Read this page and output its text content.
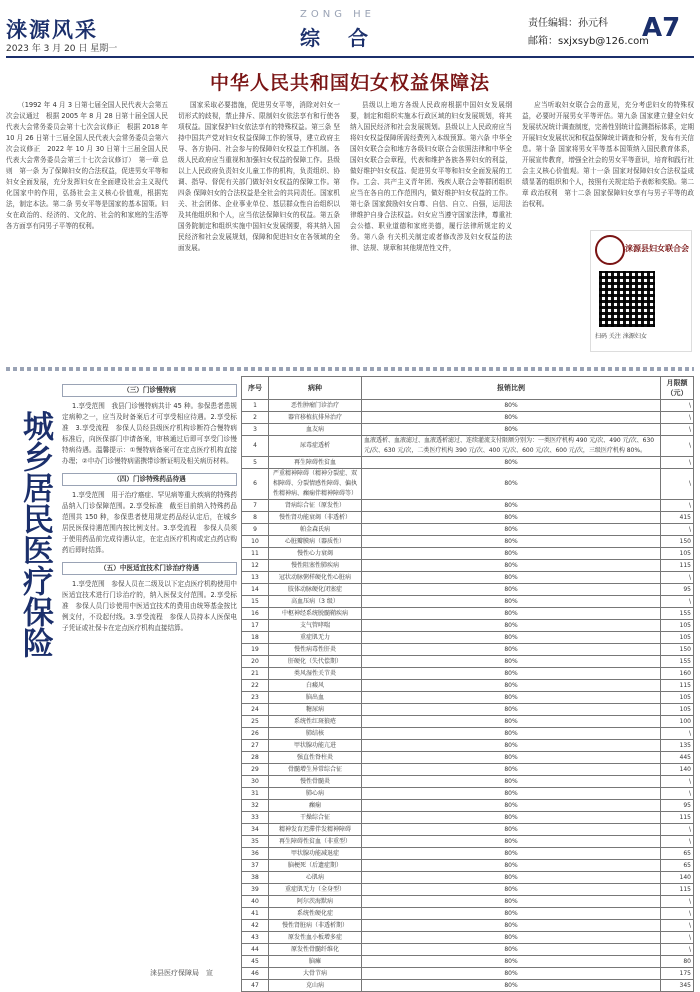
涞源风采
2023 年 3 月 20 日 星期一
ZONG HE
综合
责任编辑：孙元科
邮箱：sxjxsyb@126.com
A7
中华人民共和国妇女权益保障法

（1992 年 4 月 3 日第七届全国人民代表大会第五次会议通过　根据 2005 年 8 月 28 日第十届全国人民代表大会常务委员会第十七次会议修正　根据 2018 年 10 月 26 日第十三届全国人民代表大会常务委员会第六次会议修正　2022 年 10 月 30 日第十三届全国人民代表大会常务委员会第三十七次会议修订）　第一章 总则　第一条 为了保障妇女的合法权益，促进男女平等和妇女全面发展，充分发挥妇女在全面建设社会主义现代化国家中的作用，弘扬社会主义核心价值观，根据宪法，制定本法。第二条 男女平等是国家的基本国策。妇女在政治的、经济的、文化的、社会的和家庭的生活等各方面享有同男子平等的权利。

国家采取必要措施，促进男女平等，消除对妇女一切形式的歧视，禁止排斥、限制妇女依法享有和行使各项权益。国家保护妇女依法享有的特殊权益。第三条 坚持中国共产党对妇女权益保障工作的领导，建立政府主导、各方协同、社会参与的保障妇女权益工作机制。各级人民政府应当重视和加强妇女权益的保障工作。县级以上人民政府负责妇女儿童工作的机构，负责组织、协调、指导、督促有关部门做好妇女权益的保障工作。第四条 保障妇女的合法权益是全社会的共同责任。国家机关、社会团体、企业事业单位、基层群众性自治组织以及其他组织和个人，应当依法保障妇女的权益。第五条 国务院制定和组织实施中国妇女发展纲要，将其纳入国民经济和社会发展规划，保障和促进妇女在各领域的全面发展。

县级以上地方各级人民政府根据中国妇女发展纲要，制定和组织实施本行政区域的妇女发展规划，将其纳入国民经济和社会发展规划。县级以上人民政府应当将妇女权益保障所需经费列入本级预算。第六条 中华全国妇女联合会和地方各级妇女联合会依照法律和中华全国妇女联合会章程，代表和维护各族各界妇女的利益，做好维护妇女权益、促进男女平等和妇女全面发展的工作。工会、共产主义青年团、残疾人联合会等群团组织应当在各自的工作范围内，做好维护妇女权益的工作。第七条 国家鼓励妇女自尊、自信、自立、自强，运用法律维护自身合法权益。妇女应当遵守国家法律，尊重社会公德、职业道德和家庭美德，履行法律所规定的义务。第八条 有关机关制定或者修改涉及妇女权益的法律、法规、规章和其他规范性文件，

应当听取妇女联合会的意见，充分考虑妇女的特殊权益，必要时开展男女平等评估。第九条 国家建立健全妇女发展状况统计调查制度，完善性别统计监测指标体系，定期开展妇女发展状况和权益保障统计调查和分析，发布有关信息。第十条 国家将男女平等基本国策纳入国民教育体系，开展宣传教育，增强全社会的男女平等意识，培育和践行社会主义核心价值观。第十一条 国家对保障妇女合法权益成绩显著的组织和个人，按照有关规定给予表彰和奖励。第二章 政治权利　第十二条 国家保障妇女享有与男子平等的政治权利。

涞源县妇女联合会
扫码 关注 涞源妇女
城乡居民医疗保险

（三）门诊慢特病

1.享受范围　我县门诊慢特病共计 45 种。参保患者患规定病种之一，应当及时备案后才可享受相应待遇。2.享受标准　3.享受流程　参保人员经县级医疗机构诊断符合慢特病标准后，向医保部门申请备案，审核通过后即可享受门诊慢特病待遇。温馨提示：①慢特病备案可在定点医疗机构直接办理；②申办门诊慢特病需携带诊断证明及相关病历材料。

（四）门诊特殊药品待遇

1.享受范围　用于治疗癌症、罕见病等重大疾病的特殊药品纳入门诊保障范围。2.享受标准　截至目前纳入特殊药品范围共 150 种，参保患者使用规定药品经认定后，在城乡居民医保待遇范围内按比例支付。3.享受流程　参保人员须于使用药品前完成待遇认定，在定点医疗机构或定点药店购药后即时结算。

（五）中医适宜技术门诊治疗待遇

1.享受范围　参保人员在二级及以下定点医疗机构使用中医适宜技术进行门诊治疗的，纳入医保支付范围。2.享受标准　参保人员门诊使用中医适宜技术的费用由统筹基金按比例支付，不设起付线。3.享受流程　参保人员持本人医保电子凭证或社保卡在定点医疗机构直接结算。

涞县医疗保障局　宣
序号	病种	报销比例	月限额（元）
1	恶性肿瘤门诊治疗	80%	\
2	器官移植抗排异治疗	80%	\
3	血友病	80%	\
4	尿毒症透析	血液透析、血液滤过、血液透析滤过、连续灌流支付限额分别为：一类医疗机构 490 元/次、490 元/次、630 元/次、630 元/次，二类医疗机构 390 元/次、400 元/次、600 元/次、600 元/次，三级医疗机构 80%。	\
5	再生障碍性贫血	80%	\
6	严重精神障碍（精神分裂症、双相障碍、分裂情感性障碍、偏执性精神病、癫痫伴精神障碍等）	80%	\
7	肾病综合征（原发性）	80%	\
8	慢性肾功能衰竭（非透析）	80%	415
9	帕金森氏病	80%	\
10	心脏瓣膜病（器质性）	80%	150
11	慢性心力衰竭	80%	105
12	慢性阻塞性肺疾病	80%	115
13	冠状动脉粥样硬化性心脏病	80%	\
14	肢体动脉硬化闭塞症	80%	95
15	高血压病（3 级）	80%	\
16	中枢神经系统脱髓鞘疾病	80%	155
17	支气管哮喘	80%	105
18	重症肌无力	80%	105
19	慢性病毒性肝炎	80%	150
20	肝硬化（失代偿期）	80%	155
21	类风湿性关节炎	80%	160
22	白癜风	80%	115
23	脑出血	80%	105
24	糖尿病	80%	105
25	系统性红斑狼疮	80%	100
26	肺结核	80%	\
27	甲状腺功能亢进	80%	135
28	强直性脊柱炎	80%	445
29	骨髓增生异常综合征	80%	140
30	慢性骨髓炎	80%	\
31	肺心病	80%	\
32	癫痫	80%	95
33	干燥综合征	80%	115
34	精神发育迟滞伴发精神障碍	80%	\
35	再生障碍性贫血（非重型）	80%	\
36	甲状腺功能减退症	80%	65
37	脑梗死（后遗症期）	80%	65
38	心肌病	80%	140
39	重症肌无力（全身型）	80%	115
40	阿尔茨海默病	80%	\
41	系统性硬化症	80%	\
42	慢性肾脏病（非透析期）	80%	\
43	原发性血小板增多症	80%	\
44	原发性骨髓纤维化	80%	\
45	脑瘫	80%	80
46	大骨节病	80%	175
47	克山病	80%	345
